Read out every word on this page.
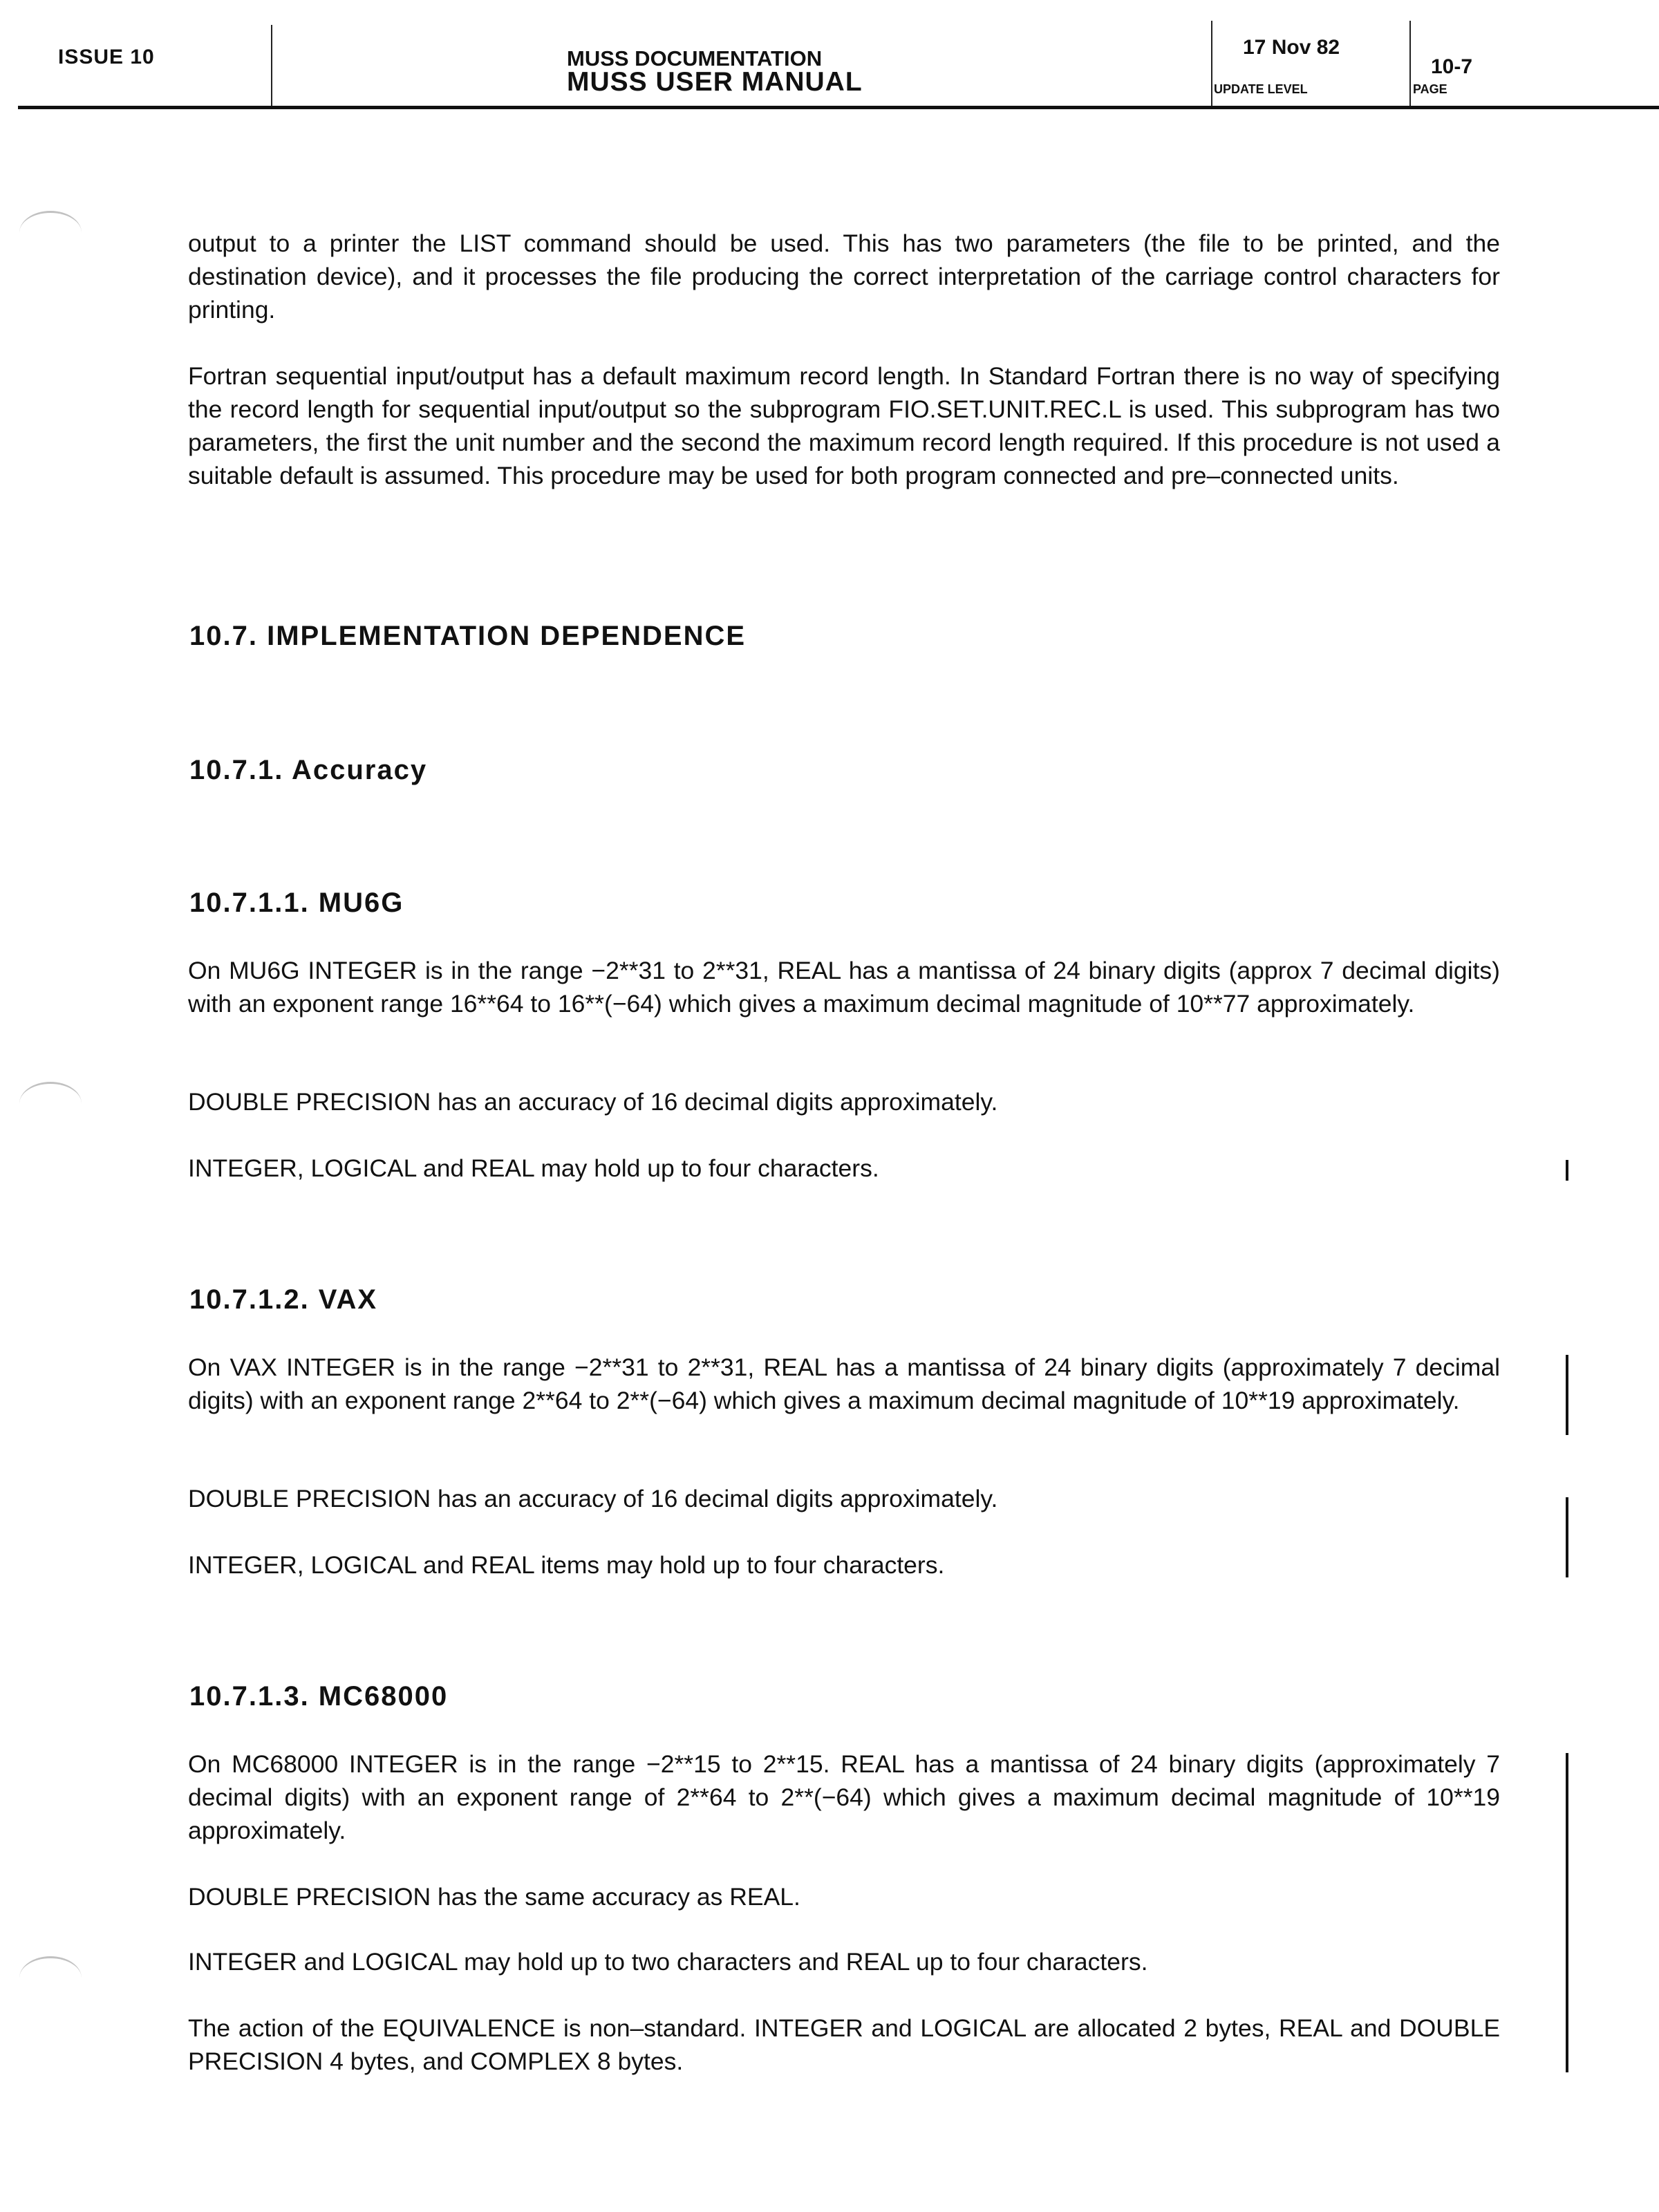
ISSUE 10	MUSS DOCUMENTATION
MUSS USER MANUAL
17 Nov 82
UPDATE LEVEL
10-7
PAGE

output to a printer the LIST command should be used. This has two parameters (the file to be printed, and the destination device), and it processes the file producing the correct interpretation of the carriage control characters for printing.

Fortran sequential input/output has a default maximum record length. In Standard Fortran there is no way of specifying the record length for sequential input/output so the subprogram FIO.SET.UNIT.REC.L is used. This subprogram has two parameters, the first the unit number and the second the maximum record length required. If this procedure is not used a suitable default is assumed. This procedure may be used for both program connected and pre–connected units.

10.7. IMPLEMENTATION DEPENDENCE
10.7.1. Accuracy
10.7.1.1. MU6G

On MU6G INTEGER is in the range −2**31 to 2**31, REAL has a mantissa of 24 binary digits (approx 7 decimal digits) with an exponent range 16**64 to 16**(−64) which gives a maximum decimal magnitude of 10**77 approximately.

DOUBLE PRECISION has an accuracy of 16 decimal digits approximately.

INTEGER, LOGICAL and REAL may hold up to four characters.

10.7.1.2. VAX

On VAX INTEGER is in the range −2**31 to 2**31, REAL has a mantissa of 24 binary digits (approximately 7 decimal digits) with an exponent range 2**64 to 2**(−64) which gives a maximum decimal magnitude of 10**19 approximately.

DOUBLE PRECISION has an accuracy of 16 decimal digits approximately.

INTEGER, LOGICAL and REAL items may hold up to four characters.

10.7.1.3. MC68000

On MC68000 INTEGER is in the range −2**15 to 2**15. REAL has a mantissa of 24 binary digits (approximately 7 decimal digits) with an exponent range of 2**64 to 2**(−64) which gives a maximum decimal magnitude of 10**19 approximately.

DOUBLE PRECISION has the same accuracy as REAL.

INTEGER and LOGICAL may hold up to two characters and REAL up to four characters.

The action of the EQUIVALENCE is non–standard. INTEGER and LOGICAL are allocated 2 bytes, REAL and DOUBLE PRECISION 4 bytes, and COMPLEX 8 bytes.
